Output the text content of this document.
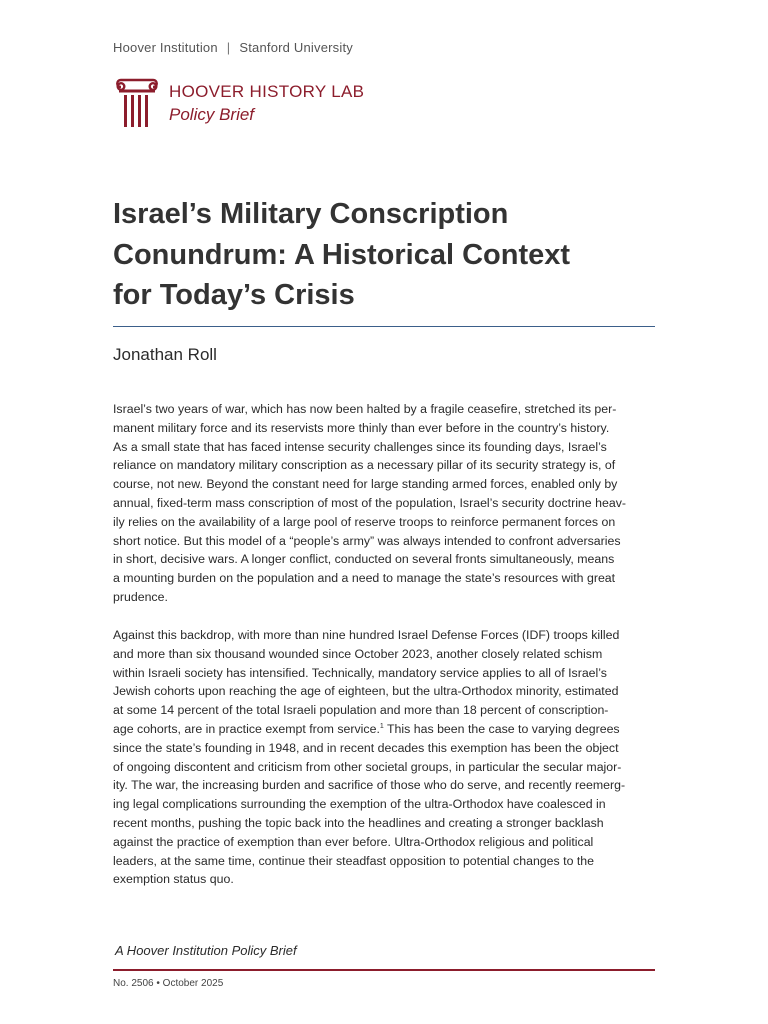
Hoover Institution | Stanford University
HOOVER HISTORY LAB
Policy Brief
Israel’s Military Conscription
Conundrum: A Historical Context
for Today’s Crisis
Jonathan Roll

Israel’s two years of war, which has now been halted by a fragile ceasefire, stretched its per-
manent military force and its reservists more thinly than ever before in the country’s history.
As a small state that has faced intense security challenges since its founding days, Israel’s
reliance on mandatory military conscription as a necessary pillar of its security strategy is, of
course, not new. Beyond the constant need for large standing armed forces, enabled only by
annual, fixed-term mass conscription of most of the population, Israel’s security doctrine heav-
ily relies on the availability of a large pool of reserve troops to reinforce permanent forces on
short notice. But this model of a “people’s army” was always intended to confront adversaries
in short, decisive wars. A longer conflict, conducted on several fronts simultaneously, means
a mounting burden on the population and a need to manage the state’s resources with great
prudence.

Against this backdrop, with more than nine hundred Israel Defense Forces (IDF) troops killed
and more than six thousand wounded since October 2023, another closely related schism
within Israeli society has intensified. Technically, mandatory service applies to all of Israel’s
Jewish cohorts upon reaching the age of eighteen, but the ultra-Orthodox minority, estimated
at some 14 percent of the total Israeli population and more than 18 percent of conscription-
age cohorts, are in practice exempt from service.$^1$ This has been the case to varying degrees
since the state’s founding in 1948, and in recent decades this exemption has been the object
of ongoing discontent and criticism from other societal groups, in particular the secular major-
ity. The war, the increasing burden and sacrifice of those who do serve, and recently reemerg-
ing legal complications surrounding the exemption of the ultra-Orthodox have coalesced in
recent months, pushing the topic back into the headlines and creating a stronger backlash
against the practice of exemption than ever before. Ultra-Orthodox religious and political
leaders, at the same time, continue their steadfast opposition to potential changes to the
exemption status quo.

A Hoover Institution Policy Brief
No. 2506 • October 2025
